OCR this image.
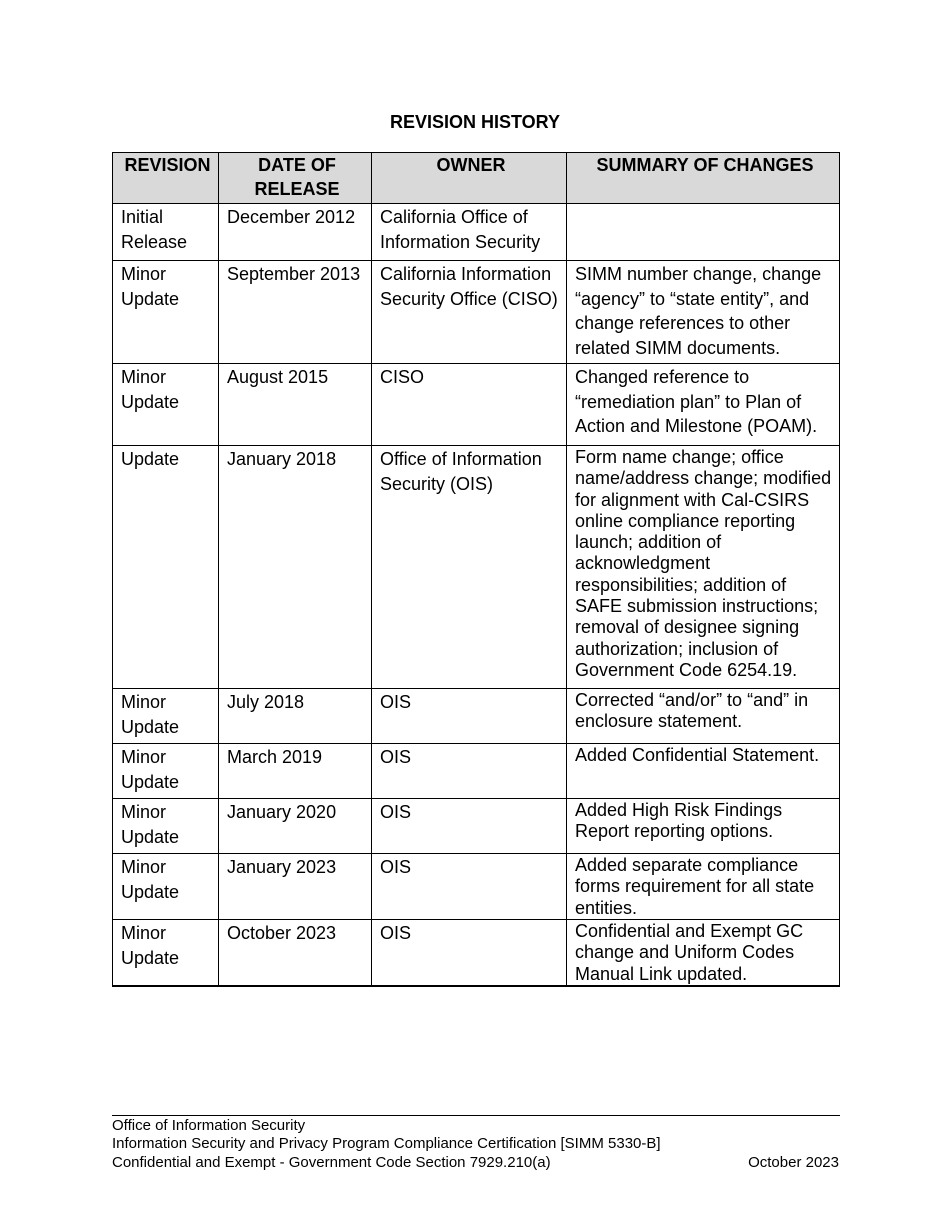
REVISION HISTORY
REVISION	DATE OF RELEASE	OWNER	SUMMARY OF CHANGES
Initial Release	December 2012	California Office of Information Security	
Minor Update	September 2013	California Information Security Office (CISO)	SIMM number change, change “agency” to “state entity”, and change references to other related SIMM documents.
Minor Update	August 2015	CISO	Changed reference to “remediation plan” to Plan of Action and Milestone (POAM).
Update	January 2018	Office of Information Security (OIS)	Form name change; office name/address change; modified for alignment with Cal-CSIRS online compliance reporting launch; addition of acknowledgment responsibilities; addition of SAFE submission instructions; removal of designee signing authorization; inclusion of Government Code 6254.19.
Minor Update	July 2018	OIS	Corrected “and/or” to “and” in enclosure statement.
Minor Update	March 2019	OIS	Added Confidential Statement.
Minor Update	January 2020	OIS	Added High Risk Findings Report reporting options.
Minor Update	January 2023	OIS	Added separate compliance forms requirement for all state entities.
Minor Update	October 2023	OIS	Confidential and Exempt GC change and Uniform Codes Manual Link updated.
Office of Information Security
Information Security and Privacy Program Compliance Certification [SIMM 5330-B]
Confidential and Exempt - Government Code Section 7929.210(a)	October 2023
